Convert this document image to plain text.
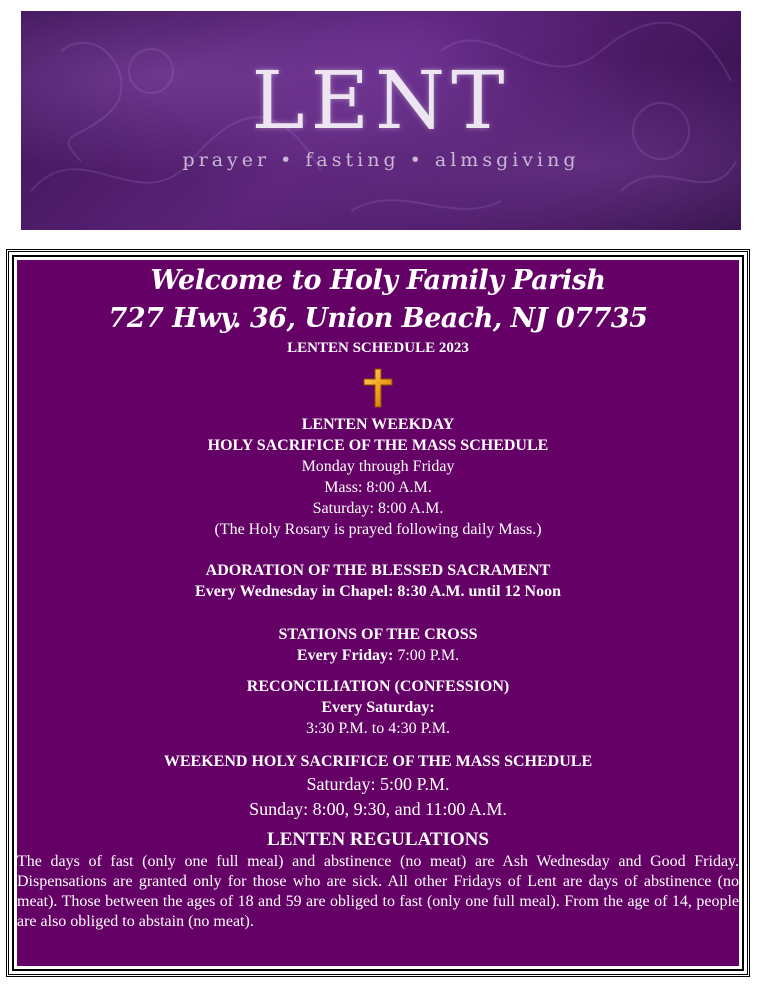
LENT
prayer • fasting • almsgiving
Welcome to Holy Family Parish
727 Hwy. 36, Union Beach, NJ 07735
LENTEN SCHEDULE 2023
LENTEN WEEKDAY
HOLY SACRIFICE OF THE MASS SCHEDULE
Monday through Friday
Mass: 8:00 A.M.
Saturday: 8:00 A.M.
(The Holy Rosary is prayed following daily Mass.)
ADORATION OF THE BLESSED SACRAMENT
Every Wednesday in Chapel: 8:30 A.M. until 12 Noon
STATIONS OF THE CROSS
Every Friday: 7:00 P.M.
RECONCILIATION (CONFESSION)
Every Saturday:
3:30 P.M. to 4:30 P.M.
WEEKEND HOLY SACRIFICE OF THE MASS SCHEDULE
Saturday: 5:00 P.M.
Sunday: 8:00, 9:30, and 11:00 A.M.
LENTEN REGULATIONS
The days of fast (only one full meal) and abstinence (no meat) are Ash Wednesday and Good Friday. Dispensations are granted only for those who are sick. All other Fridays of Lent are days of abstinence (no meat). Those between the ages of 18 and 59 are obliged to fast (only one full meal). From the age of 14, people are also obliged to abstain (no meat).
